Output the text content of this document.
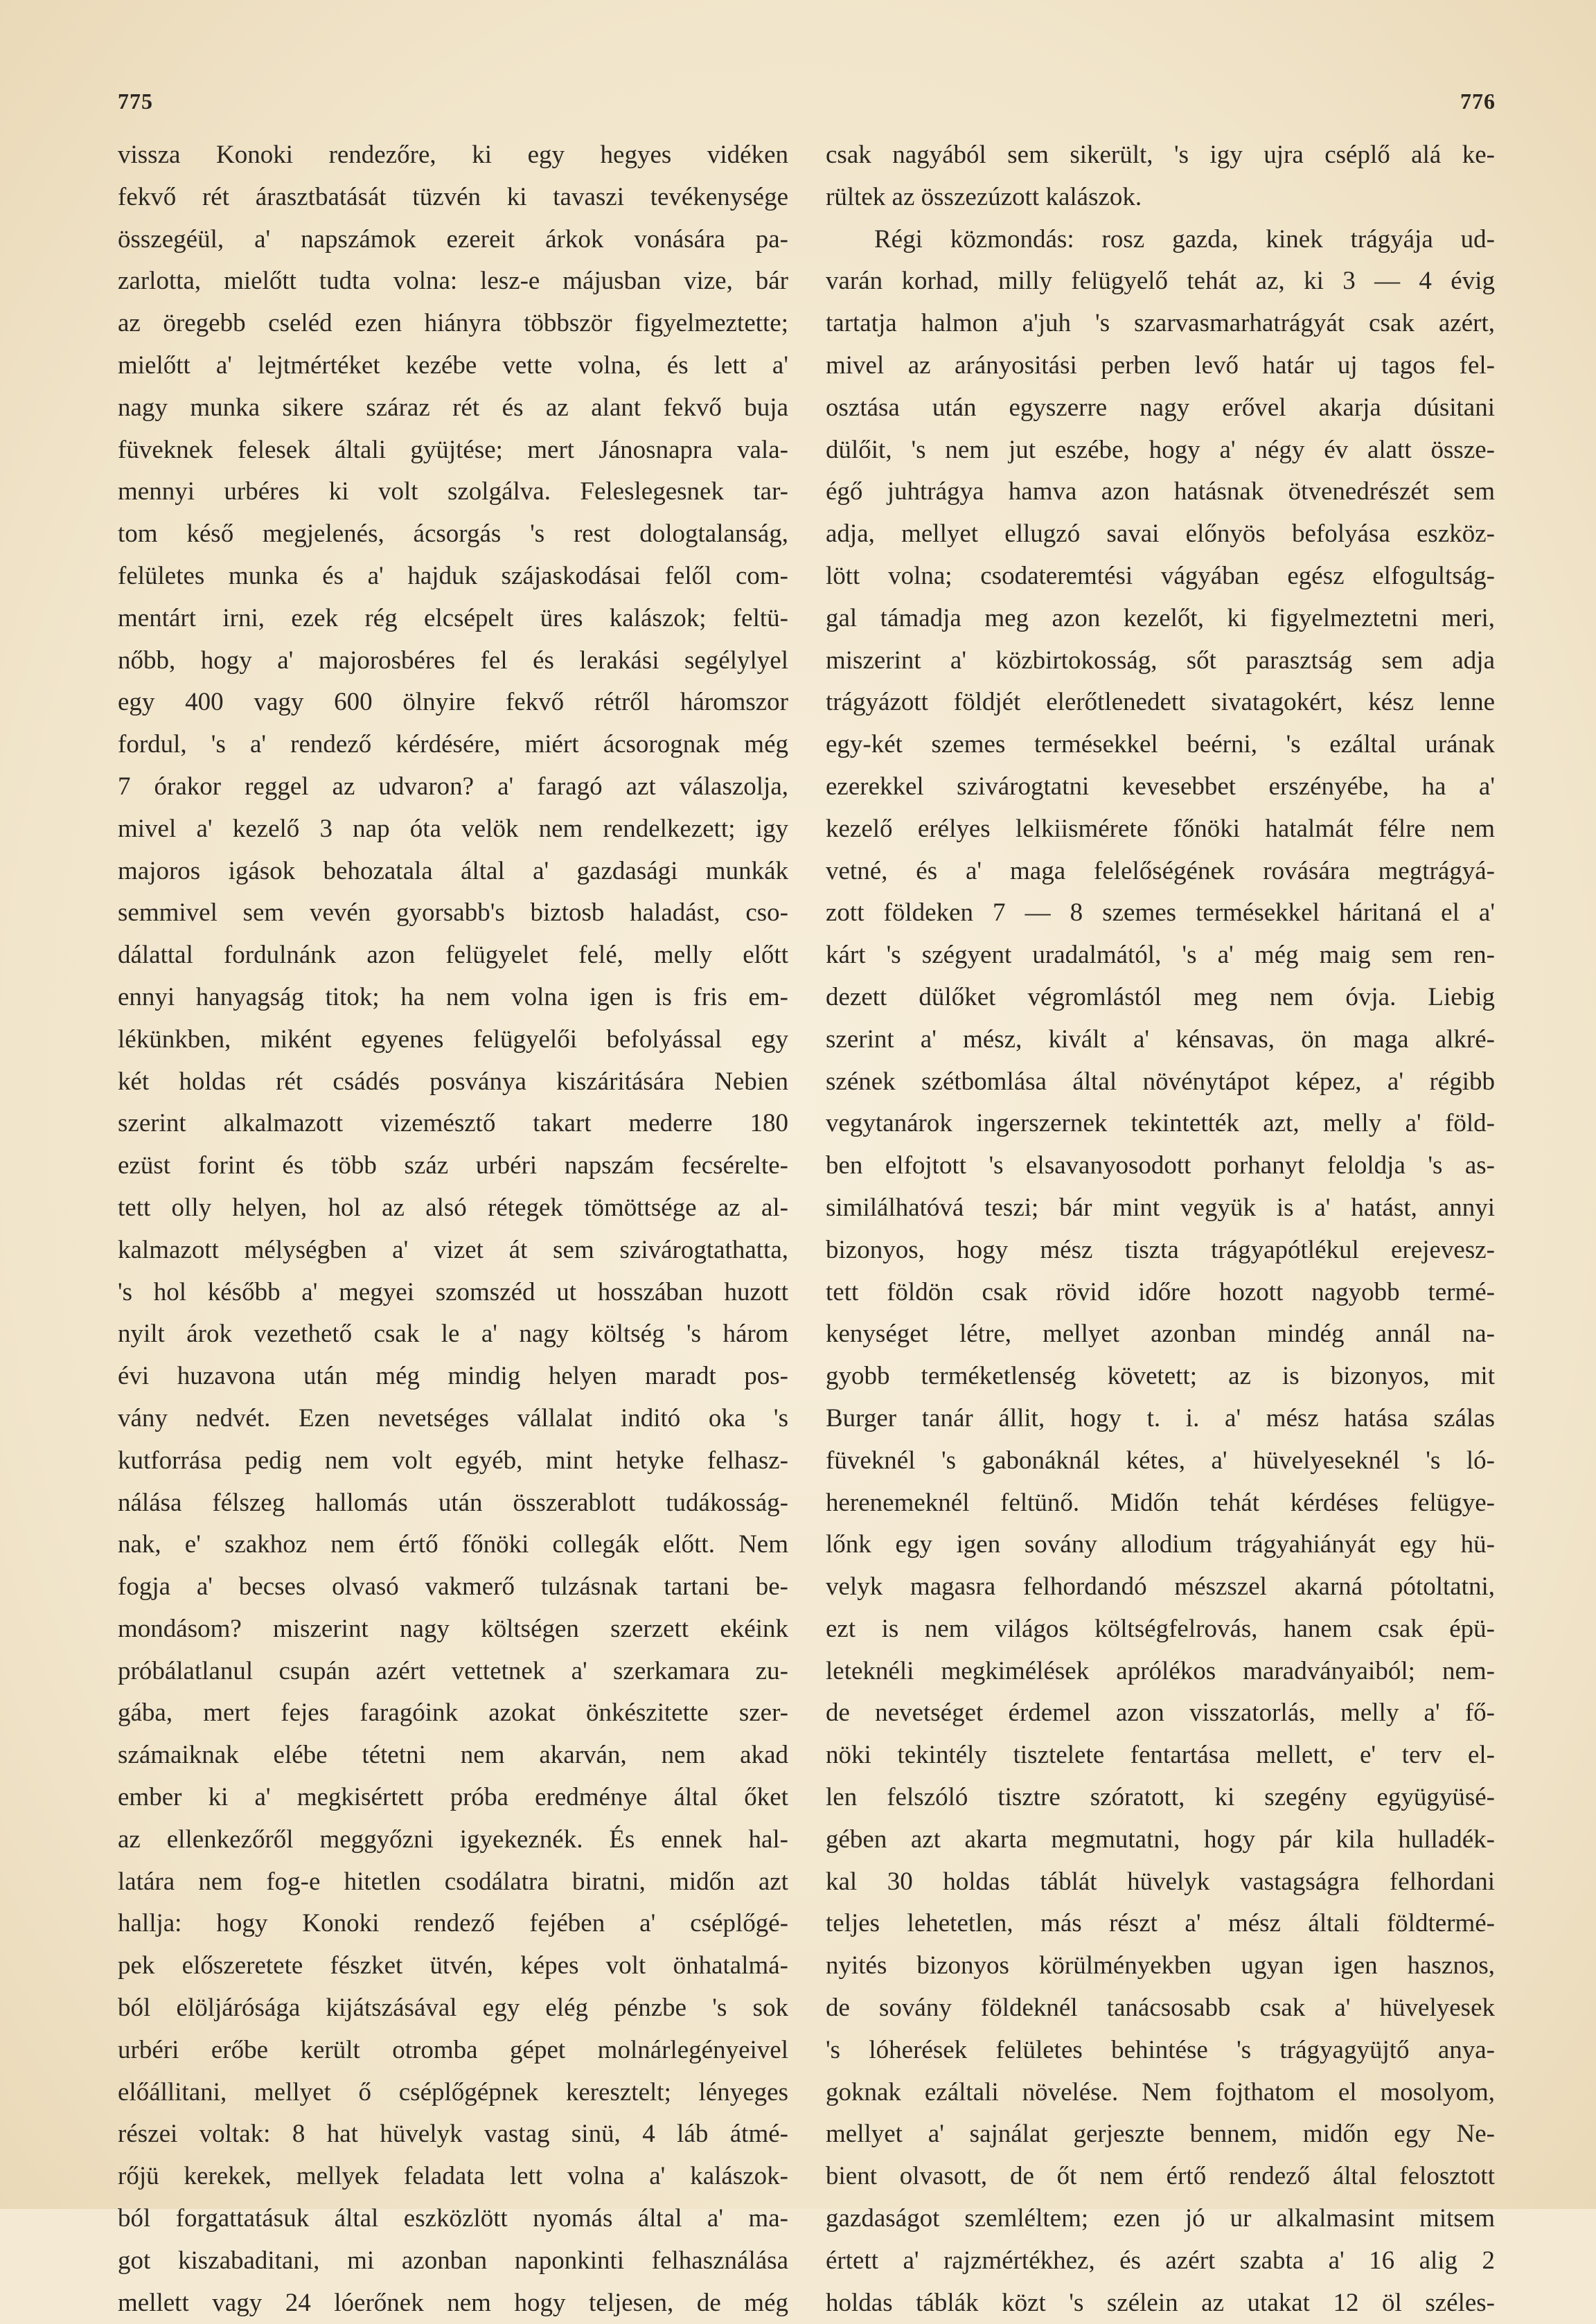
775	776
vissza Konoki rendezőre, ki egy hegyes vidéken
fekvő rét árasztbatását tüzvén ki tavaszi tevékenysége
összegéül, a' napszámok ezereit árkok vonására pa-
zarlotta, mielőtt tudta volna: lesz-e májusban vize, bár
az öregebb cseléd ezen hiányra többször figyelmeztette;
mielőtt a' lejtmértéket kezébe vette volna, és lett a'
nagy munka sikere száraz rét és az alant fekvő buja
füveknek felesek általi gyüjtése; mert Jánosnapra vala-
mennyi urbéres ki volt szolgálva. Feleslegesnek tar-
tom késő megjelenés, ácsorgás 's rest dologtalanság,
felületes munka és a' hajduk szájaskodásai felől com-
mentárt irni, ezek rég elcsépelt üres kalászok; feltü-
nőbb, hogy a' majorosbéres fel és lerakási segélylyel
egy 400 vagy 600 ölnyire fekvő rétről háromszor
fordul, 's a' rendező kérdésére, miért ácsorognak még
7 órakor reggel az udvaron? a' faragó azt válaszolja,
mivel a' kezelő 3 nap óta velök nem rendelkezett; igy
majoros igások behozatala által a' gazdasági munkák
semmivel sem vevén gyorsabb's biztosb haladást, cso-
dálattal fordulnánk azon felügyelet felé, melly előtt
ennyi hanyagság titok; ha nem volna igen is fris em-
lékünkben, miként egyenes felügyelői befolyással egy
két holdas rét csádés posványa kiszáritására Nebien
szerint alkalmazott vizemésztő takart mederre 180
ezüst forint és több száz urbéri napszám fecsérelte-
tett olly helyen, hol az alsó rétegek tömöttsége az al-
kalmazott mélységben a' vizet át sem szivárogtathatta,
's hol később a' megyei szomszéd ut hosszában huzott
nyilt árok vezethető csak le a' nagy költség 's három
évi huzavona után még mindig helyen maradt pos-
vány nedvét. Ezen nevetséges vállalat inditó oka 's
kutforrása pedig nem volt egyéb, mint hetyke felhasz-
nálása félszeg hallomás után összerablott tudákosság-
nak, e' szakhoz nem értő főnöki collegák előtt. Nem
fogja a' becses olvasó vakmerő tulzásnak tartani be-
mondásom? miszerint nagy költségen szerzett ekéink
próbálatlanul csupán azért vettetnek a' szerkamara zu-
gába, mert fejes faragóink azokat önkészitette szer-
számaiknak elébe tétetni nem akarván, nem akad
ember ki a' megkisértett próba eredménye által őket
az ellenkezőről meggyőzni igyekeznék. És ennek hal-
latára nem fog-e hitetlen csodálatra biratni, midőn azt
hallja: hogy Konoki rendező fejében a' cséplőgé-
pek előszeretete fészket ütvén, képes volt önhatalmá-
ból elöljárósága kijátszásával egy elég pénzbe 's sok
urbéri erőbe került otromba gépet molnárlegényeivel
előállitani, mellyet ő cséplőgépnek keresztelt; lényeges
részei voltak: 8 hat hüvelyk vastag sinü, 4 láb átmé-
rőjü kerekek, mellyek feladata lett volna a' kalászok-
ból forgattatásuk által eszközlött nyomás által a' ma-
got kiszabaditani, mi azonban naponkinti felhasználása
mellett vagy 24 lóerőnek nem hogy teljesen, de még
csak nagyából sem sikerült, 's igy ujra cséplő alá ke-
rültek az összezúzott kalászok.
Régi közmondás: rosz gazda, kinek trágyája ud-
varán korhad, milly felügyelő tehát az, ki 3 — 4 évig
tartatja halmon a'juh 's szarvasmarhatrágyát csak azért,
mivel az arányositási perben levő határ uj tagos fel-
osztása után egyszerre nagy erővel akarja dúsitani
dülőit, 's nem jut eszébe, hogy a' négy év alatt össze-
égő juhtrágya hamva azon hatásnak ötvenedrészét sem
adja, mellyet ellugzó savai előnyös befolyása eszköz-
lött volna; csodateremtési vágyában egész elfogultság-
gal támadja meg azon kezelőt, ki figyelmeztetni meri,
miszerint a' közbirtokosság, sőt parasztság sem adja
trágyázott földjét elerőtlenedett sivatagokért, kész lenne
egy-két szemes termésekkel beérni, 's ezáltal urának
ezerekkel szivárogtatni kevesebbet erszényébe, ha a'
kezelő erélyes lelkiismérete főnöki hatalmát félre nem
vetné, és a' maga felelőségének rovására megtrágyá-
zott földeken 7 — 8 szemes termésekkel háritaná el a'
kárt 's szégyent uradalmától, 's a' még maig sem ren-
dezett dülőket végromlástól meg nem óvja. Liebig
szerint a' mész, kivált a' kénsavas, ön maga alkré-
szének szétbomlása által növénytápot képez, a' régibb
vegytanárok ingerszernek tekintették azt, melly a' föld-
ben elfojtott 's elsavanyosodott porhanyt feloldja 's as-
similálhatóvá teszi; bár mint vegyük is a' hatást, annyi
bizonyos, hogy mész tiszta trágyapótlékul erejevesz-
tett földön csak rövid időre hozott nagyobb termé-
kenységet létre, mellyet azonban mindég annál na-
gyobb terméketlenség követett; az is bizonyos, mit
Burger tanár állit, hogy t. i. a' mész hatása szálas
füveknél 's gabonáknál kétes, a' hüvelyeseknél 's ló-
herenemeknél feltünő. Midőn tehát kérdéses felügye-
lőnk egy igen sovány allodium trágyahiányát egy hü-
velyk magasra felhordandó mészszel akarná pótoltatni,
ezt is nem világos költségfelrovás, hanem csak épü-
leteknéli megkimélések aprólékos maradványaiból; nem-
de nevetséget érdemel azon visszatorlás, melly a' fő-
nöki tekintély tisztelete fentartása mellett, e' terv el-
len felszóló tisztre szóratott, ki szegény együgyüsé-
gében azt akarta megmutatni, hogy pár kila hulladék-
kal 30 holdas táblát hüvelyk vastagságra felhordani
teljes lehetetlen, más részt a' mész általi földtermé-
nyités bizonyos körülményekben ugyan igen hasznos,
de sovány földeknél tanácsosabb csak a' hüvelyesek
's lóherések felületes behintése 's trágyagyüjtő anya-
goknak ezáltali növelése. Nem fojthatom el mosolyom,
mellyet a' sajnálat gerjeszte bennem, midőn egy Ne-
bient olvasott, de őt nem értő rendező által felosztott
gazdaságot szemléltem; ezen jó ur alkalmasint mitsem
értett a' rajzmértékhez, és azért szabta a' 16 alig 2
holdas táblák közt 's szélein az utakat 12 öl széles-
